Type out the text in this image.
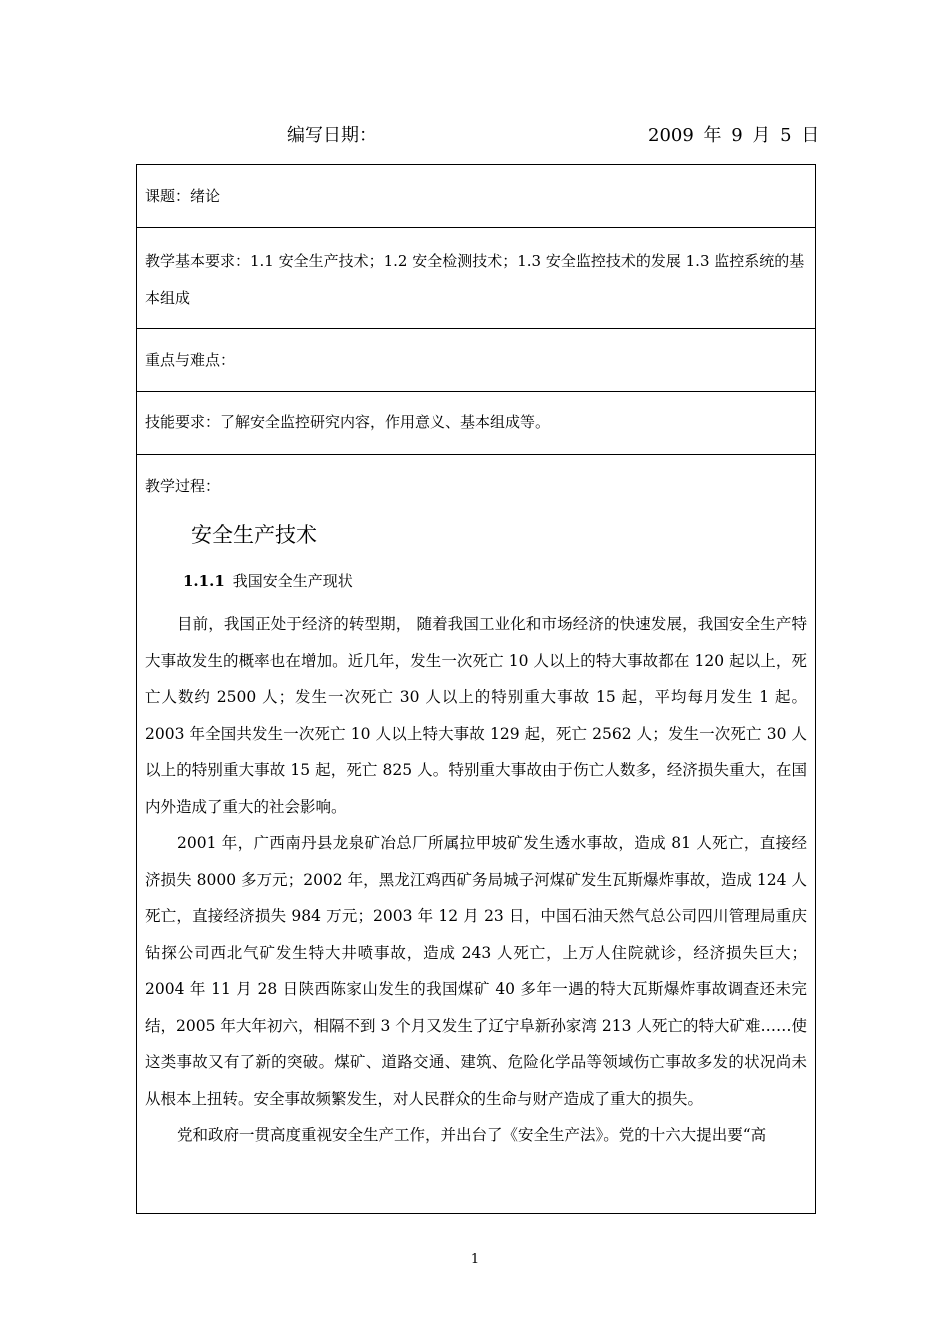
编写日期：	2009 年 9 月 5 日
课题：绪论
教学基本要求：1.1 安全生产技术；1.2 安全检测技术；1.3 安全监控技术的发展 1.3 监控系统的基本组成
重点与难点：
技能要求：了解安全监控研究内容，作用意义、基本组成等。
教学过程：
安全生产技术
1.1.1 我国安全生产现状

目前，我国正处于经济的转型期， 随着我国工业化和市场经济的快速发展，我国安全生产特大事故发生的概率也在增加。近几年，发生一次死亡 10 人以上的特大事故都在 120 起以上，死亡人数约 2500 人；发生一次死亡 30 人以上的特别重大事故 15 起，平均每月发生 1 起。2003 年全国共发生一次死亡 10 人以上特大事故 129 起，死亡 2562 人；发生一次死亡 30 人以上的特别重大事故 15 起，死亡 825 人。特别重大事故由于伤亡人数多，经济损失重大，在国内外造成了重大的社会影响。

2001 年，广西南丹县龙泉矿冶总厂所属拉甲坡矿发生透水事故，造成 81 人死亡，直接经济损失 8000 多万元；2002 年，黑龙江鸡西矿务局城子河煤矿发生瓦斯爆炸事故，造成 124 人死亡，直接经济损失 984 万元；2003 年 12 月 23 日，中国石油天然气总公司四川管理局重庆钻探公司西北气矿发生特大井喷事故，造成 243 人死亡，上万人住院就诊，经济损失巨大；2004 年 11 月 28 日陕西陈家山发生的我国煤矿 40 多年一遇的特大瓦斯爆炸事故调查还未完结，2005 年大年初六，相隔不到 3 个月又发生了辽宁阜新孙家湾 213 人死亡的特大矿难……使这类事故又有了新的突破。煤矿、道路交通、建筑、危险化学品等领域伤亡事故多发的状况尚未从根本上扭转。安全事故频繁发生，对人民群众的生命与财产造成了重大的损失。

党和政府一贯高度重视安全生产工作，并出台了《安全生产法》。党的十六大提出要“高

1
